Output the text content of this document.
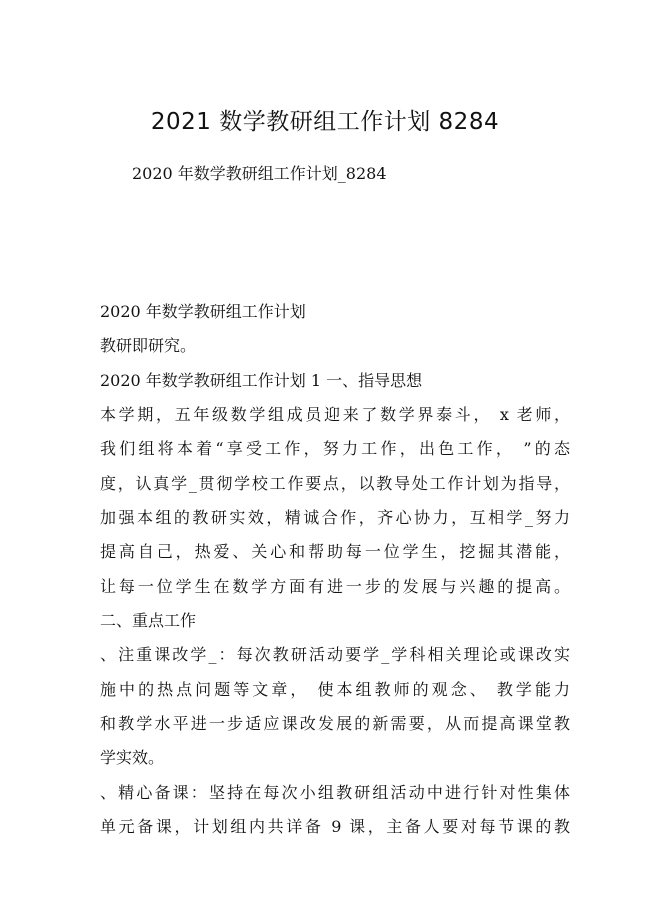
2021 数学教研组工作计划 8284

2020 年数学教研组工作计划_8284

2020 年数学教研组工作计划
教研即研究。
2020 年数学教研组工作计划 1 一、指导思想
本学期，五年级数学组成员迎来了数学界泰斗， x 老师，
我们组将本着“享受工作，努力工作，出色工作， ”的态
度，认真学_贯彻学校工作要点，以教导处工作计划为指导，
加强本组的教研实效，精诚合作，齐心协力，互相学_努力
提高自己，热爱、关心和帮助每一位学生，挖掘其潜能，
让每一位学生在数学方面有进一步的发展与兴趣的提高。
二、重点工作
、注重课改学_：每次教研活动要学_学科相关理论或课改实
施中的热点问题等文章， 使本组教师的观念、 教学能力
和教学水平进一步适应课改发展的新需要，从而提高课堂教
学实效。
、精心备课：坚持在每次小组教研组活动中进行针对性集体
单元备课，计划组内共详备 9 课，主备人要对每节课的教
